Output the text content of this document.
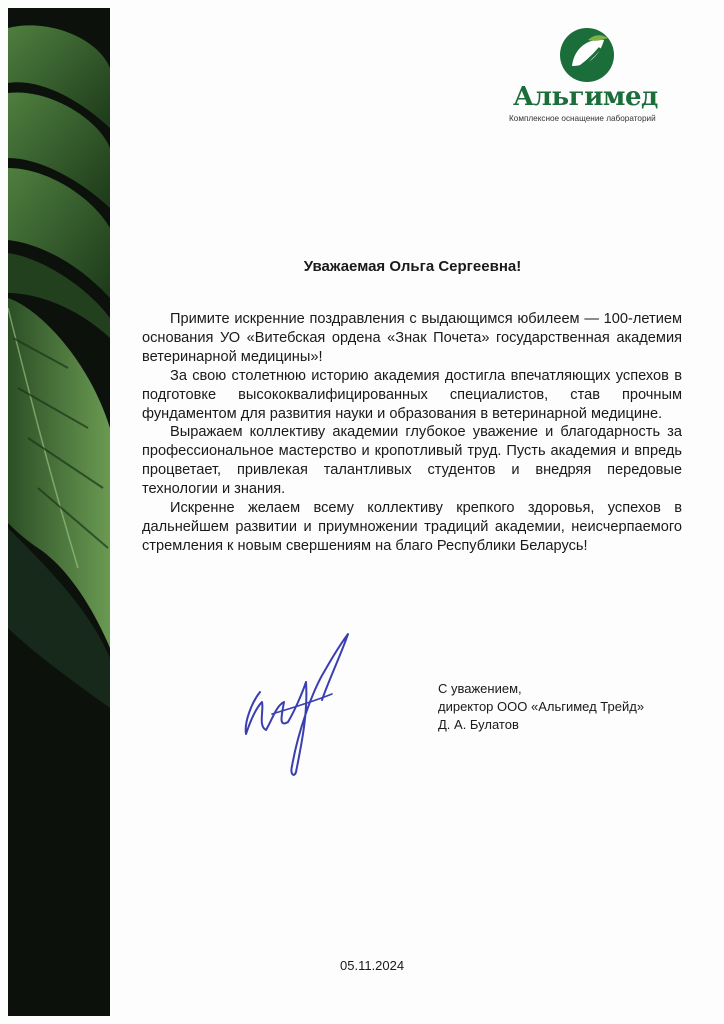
Альгимед
Комплексное оснащение лабораторий
Уважаемая Ольга Сергеевна!

Примите искренние поздравления с выдающимся юбилеем — 100-летием основания УО «Витебская ордена «Знак Почета» государственная академия ветеринарной медицины»!

За свою столетнюю историю академия достигла впечатляющих успехов в подготовке высококвалифицированных специалистов, став прочным фундаментом для развития науки и образования в ветеринарной медицине.

Выражаем коллективу академии глубокое уважение и благодарность за профессиональное мастерство и кропотливый труд. Пусть академия и впредь процветает, привлекая талантливых студентов и внедряя передовые технологии и знания.

Искренне желаем всему коллективу крепкого здоровья, успехов в дальнейшем развитии и приумножении традиций академии, неисчерпаемого стремления к новым свершениям на благо Республики Беларусь!

С уважением,
директор ООО «Альгимед Трейд»
Д. А. Булатов
05.11.2024
